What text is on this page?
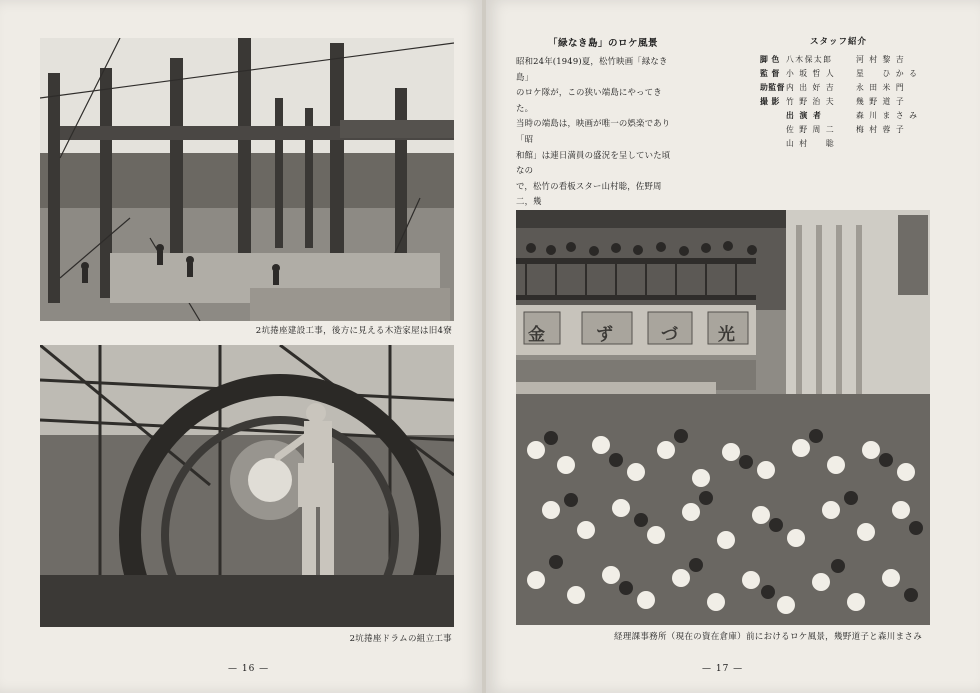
2坑捲座建設工事，後方に見える木造家屋は旧4寮
2坑捲座ドラムの組立工事
— 16 —
「緑なき島」のロケ風景
昭和24年(1949)夏，松竹映画「緑なき島」
のロケ隊が，この狭い端島にやってきた。
当時の端島は，映画が唯一の娯楽であり「昭
和館」は連日満員の盛況を呈していた頃なの
で，松竹の看板スター山村聡，佐野周二，幾
スタッフ紹介
脚 色 八木保太郎	河 村 黎 吉
監 督 小 坂 哲 人	星 　 ひ か る
助監督内 出 好 吉	永 田 米 門
撮 影 竹 野 治 夫	幾 野 道 子
出 演 者	森 川 ま さ み
佐 野 周 二	梅 村 蓉 子
山 村 　 聡
金	ず	づ 光
経理課事務所（現在の資在倉庫）前におけるロケ風景，幾野道子と森川まさみ
— 17 —
